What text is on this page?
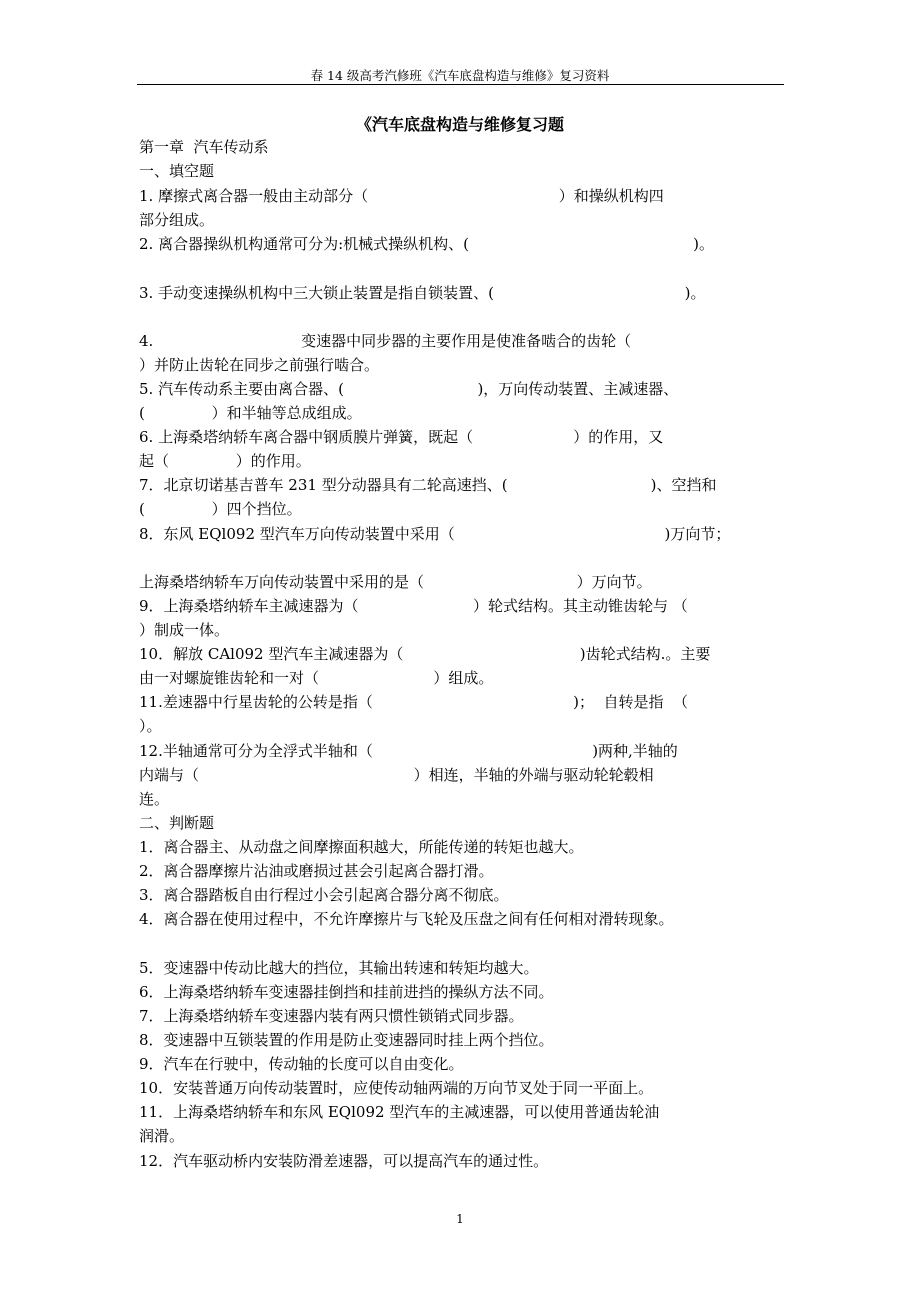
春 14 级高考汽修班《汽车底盘构造与维修》复习资料
《汽车底盘构造与维修复习题
第一章  汽车传动系
一、填空题
1. 摩擦式离合器一般由主动部分（                                        ）和操纵机构四
部分组成。
2. 离合器操纵机构通常可分为:机械式操纵机构、(                                               )。
3. 手动变速操纵机构中三大锁止装置是指自锁装置、(                                        )。
4.                               变速器中同步器的主要作用是使准备啮合的齿轮（
）并防止齿轮在同步之前强行啮合。
5. 汽车传动系主要由离合器、(                            )，万向传动装置、主减速器、
(              ）和半轴等总成组成。
6. 上海桑塔纳轿车离合器中钢质膜片弹簧，既起（                     ）的作用，又
起（              ）的作用。
7．北京切诺基吉普车 231 型分动器具有二轮高速挡、(                              )、空挡和
(              ）四个挡位。
8．东风 EQl092 型汽车万向传动装置中采用（                                            )万向节；
上海桑塔纳轿车万向传动装置中采用的是（                                ）万向节。
9．上海桑塔纳轿车主减速器为（                        ）轮式结构。其主动锥齿轮与 （
）制成一体。
10．解放 CAl092 型汽车主减速器为（                                     )齿轮式结构.。主要
由一对螺旋锥齿轮和一对（                        ）组成。
11.差速器中行星齿轮的公转是指（                                          )；  自转是指  （
）。
12.半轴通常可分为全浮式半轴和（                                              )两种,半轴的
内端与（                                             ）相连，半轴的外端与驱动轮轮毂相
连。
二、判断题
1．离合器主、从动盘之间摩擦面积越大，所能传递的转矩也越大。
2．离合器摩擦片沾油或磨损过甚会引起离合器打滑。
3．离合器踏板自由行程过小会引起离合器分离不彻底。
4．离合器在使用过程中，不允许摩擦片与飞轮及压盘之间有任何相对滑转现象。
5．变速器中传动比越大的挡位，其输出转速和转矩均越大。
6．上海桑塔纳轿车变速器挂倒挡和挂前进挡的操纵方法不同。
7．上海桑塔纳轿车变速器内装有两只惯性锁销式同步器。
8．变速器中互锁装置的作用是防止变速器同时挂上两个挡位。
9．汽车在行驶中，传动轴的长度可以自由变化。
10．安装普通万向传动装置时，应使传动轴两端的万向节叉处于同一平面上。
11．上海桑塔纳轿车和东风 EQl092 型汽车的主减速器，可以使用普通齿轮油
润滑。
12．汽车驱动桥内安装防滑差速器，可以提高汽车的通过性。
1
